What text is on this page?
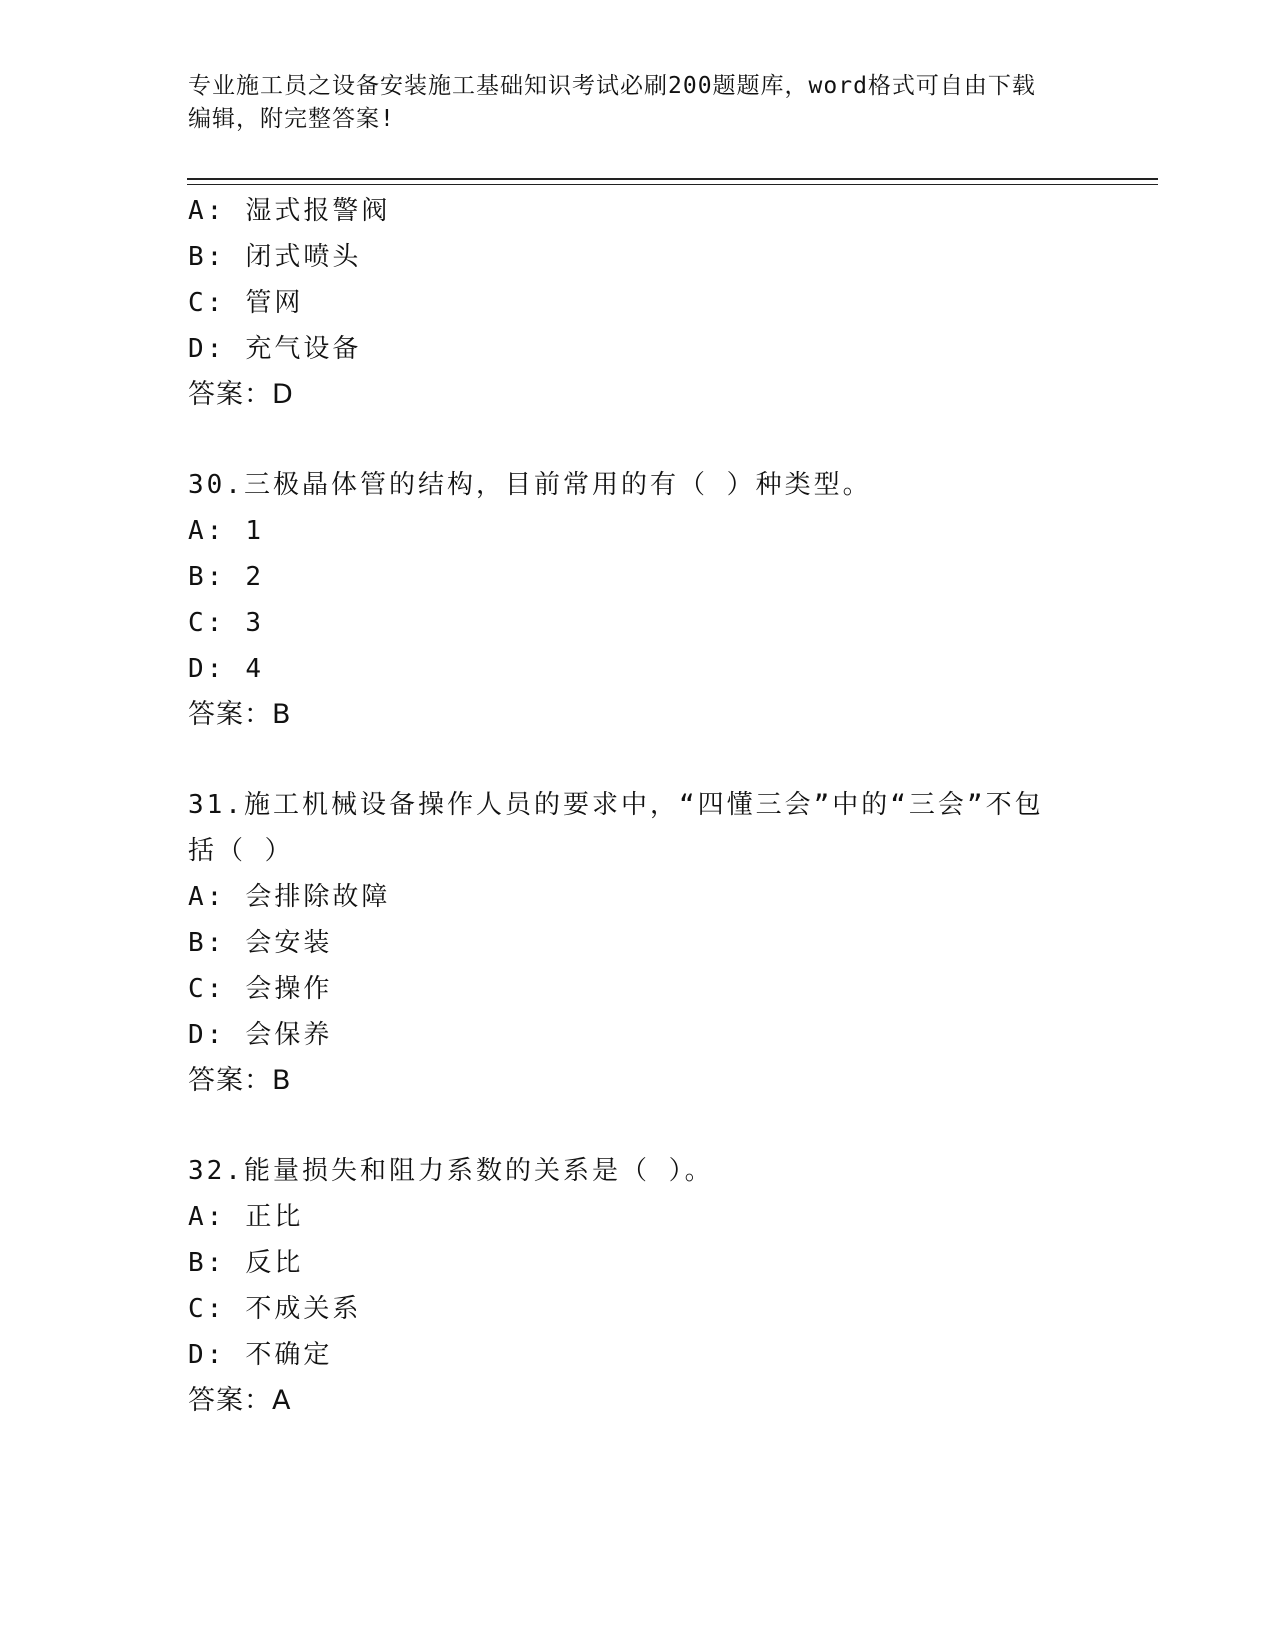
专业施工员之设备安装施工基础知识考试必刷200题题库，word格式可自由下载
编辑，附完整答案!
A: 湿式报警阀
B: 闭式喷头
C: 管网
D: 充气设备
答案：D
30.三极晶体管的结构，目前常用的有（ ）种类型。
A: 1
B: 2
C: 3
D: 4
答案：B
31.施工机械设备操作人员的要求中，“四懂三会”中的“三会”不包
括（ ）
A: 会排除故障
B: 会安装
C: 会操作
D: 会保养
答案：B
32.能量损失和阻力系数的关系是（ ）。
A: 正比
B: 反比
C: 不成关系
D: 不确定
答案：A
